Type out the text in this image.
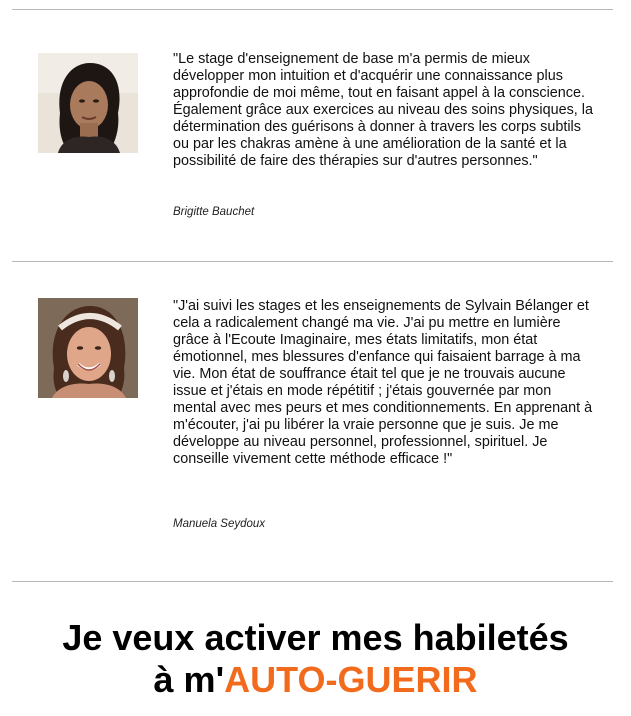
"Le stage d'enseignement de base m'a permis de mieux développer mon intuition et d'acquérir une connaissance plus approfondie de moi même, tout en faisant appel à la conscience. Également grâce aux exercices au niveau des soins physiques, la détermination des guérisons à donner à travers les corps subtils ou par les chakras amène à une amélioration de la santé et la possibilité de faire des thérapies sur d'autres personnes."

Brigitte Bauchet

"J'ai suivi les stages et les enseignements de Sylvain Bélanger et cela a radicalement changé ma vie. J'ai pu mettre en lumière grâce à l'Ecoute Imaginaire, mes états limitatifs, mon état émotionnel, mes blessures d'enfance qui faisaient barrage à ma vie. Mon état de souffrance était tel que je ne trouvais aucune issue et j'étais en mode répétitif ; j'étais gouvernée par mon mental avec mes peurs et mes conditionnements. En apprenant à m'écouter, j'ai pu libérer la vraie personne que je suis. Je me développe au niveau personnel, professionnel, spirituel. Je conseille vivement cette méthode efficace !"

Manuela Seydoux

Je veux activer mes habiletés
à m'AUTO-GUERIR
